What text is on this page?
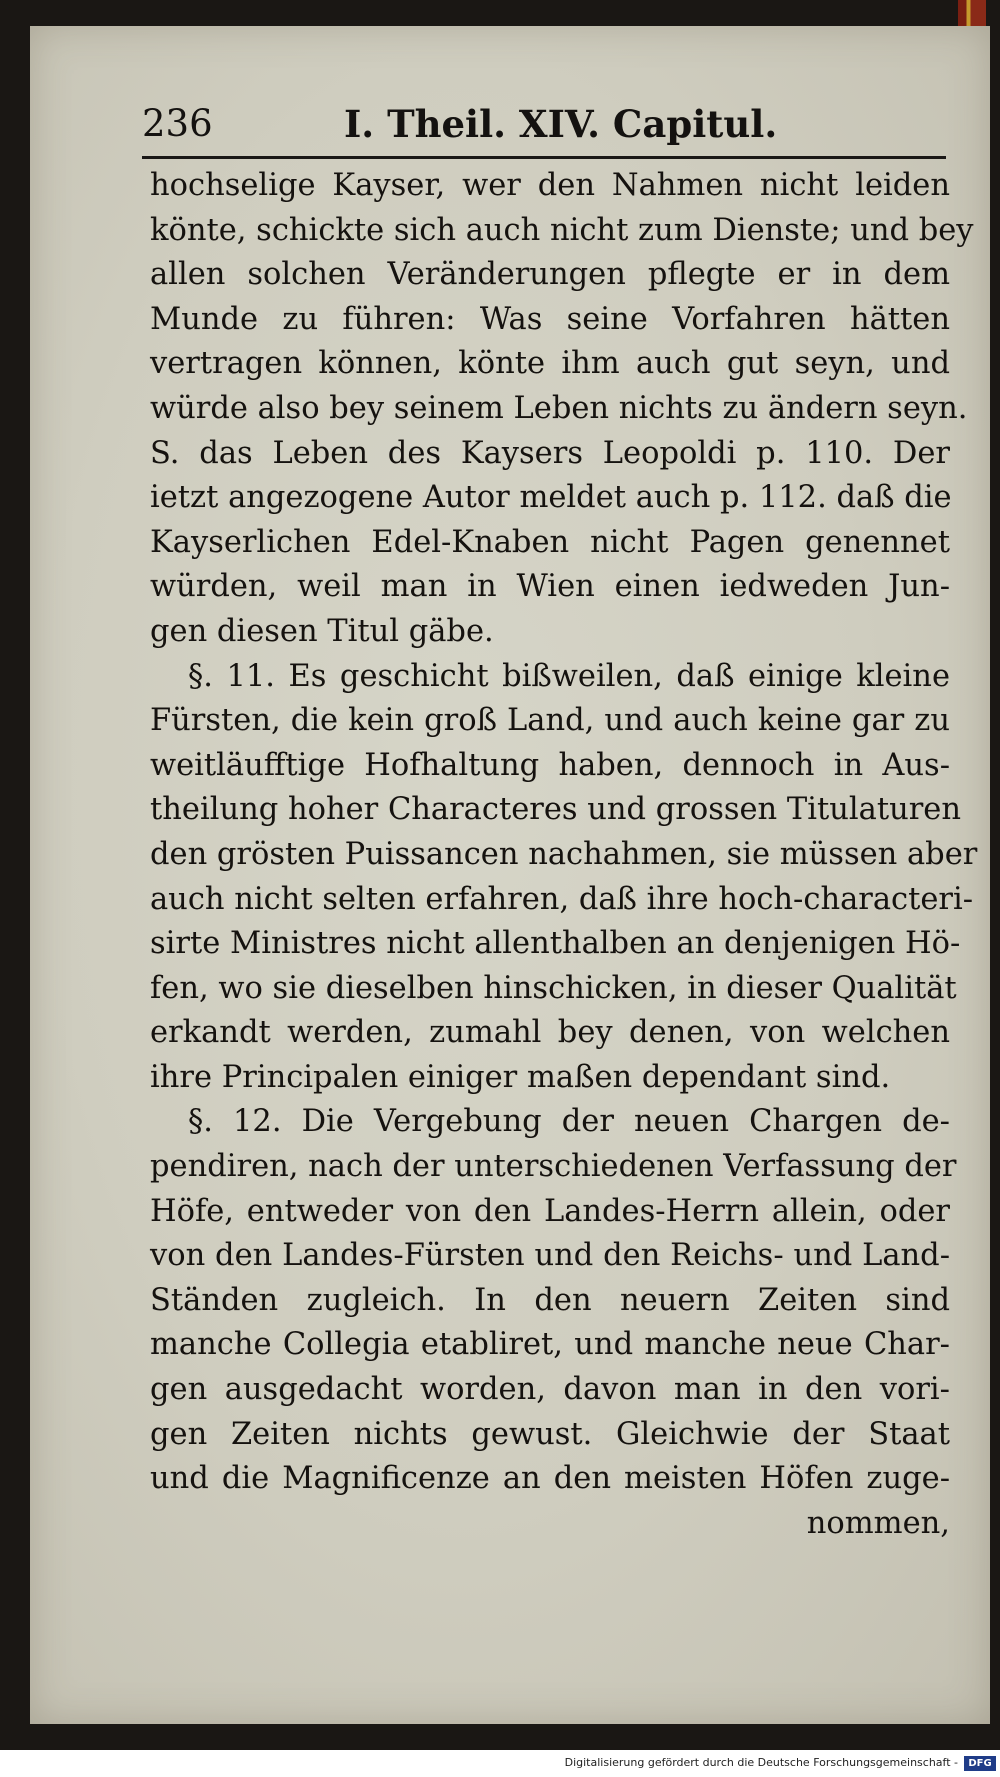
236	I. Theil. XIV. Capitul.
hochselige Kayser, wer den Nahmen nicht leiden
könte, schickte sich auch nicht zum Dienste; und bey
allen solchen Veränderungen pflegte er in dem
Munde zu führen: Was seine Vorfahren hätten
vertragen können, könte ihm auch gut seyn, und
würde also bey seinem Leben nichts zu ändern seyn.
S. das Leben des Kaysers Leopoldi p. 110. Der
ietzt angezogene Autor meldet auch p. 112. daß die
Kayserlichen Edel-Knaben nicht Pagen genennet
würden, weil man in Wien einen iedweden Jun-
gen diesen Titul gäbe.
§. 11. Es geschicht bißweilen, daß einige kleine
Fürsten, die kein groß Land, und auch keine gar zu
weitläufftige Hofhaltung haben, dennoch in Aus-
theilung hoher Characteres und grossen Titulaturen
den grösten Puissancen nachahmen, sie müssen aber
auch nicht selten erfahren, daß ihre hoch-characteri-
sirte Ministres nicht allenthalben an denjenigen Hö-
fen, wo sie dieselben hinschicken, in dieser Qualität
erkandt werden, zumahl bey denen, von welchen
ihre Principalen einiger maßen dependant sind.
§. 12. Die Vergebung der neuen Chargen de-
pendiren, nach der unterschiedenen Verfassung der
Höfe, entweder von den Landes-Herrn allein, oder
von den Landes-Fürsten und den Reichs- und Land-
Ständen zugleich. In den neuern Zeiten sind
manche Collegia etabliret, und manche neue Char-
gen ausgedacht worden, davon man in den vori-
gen Zeiten nichts gewust. Gleichwie der Staat
und die Magnificenze an den meisten Höfen zuge-
nommen,
Digitalisierung gefördert durch die Deutsche Forschungsgemeinschaft -	DFG
